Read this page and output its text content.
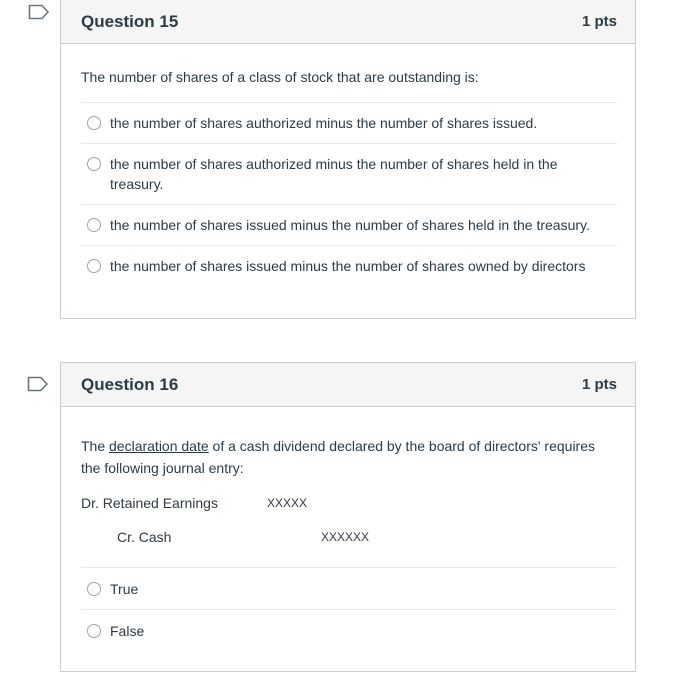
Question 15	1 pts
The number of shares of a class of stock that are outstanding is:
the number of shares authorized minus the number of shares issued.
the number of shares authorized minus the number of shares held in the treasury.
the number of shares issued minus the number of shares held in the treasury.
the number of shares issued minus the number of shares owned by directors
Question 16	1 pts
The declaration date of a cash dividend declared by the board of directors' requires the following journal entry:
Dr. Retained Earnings	XXXXX
Cr. Cash	XXXXXX
True
False
